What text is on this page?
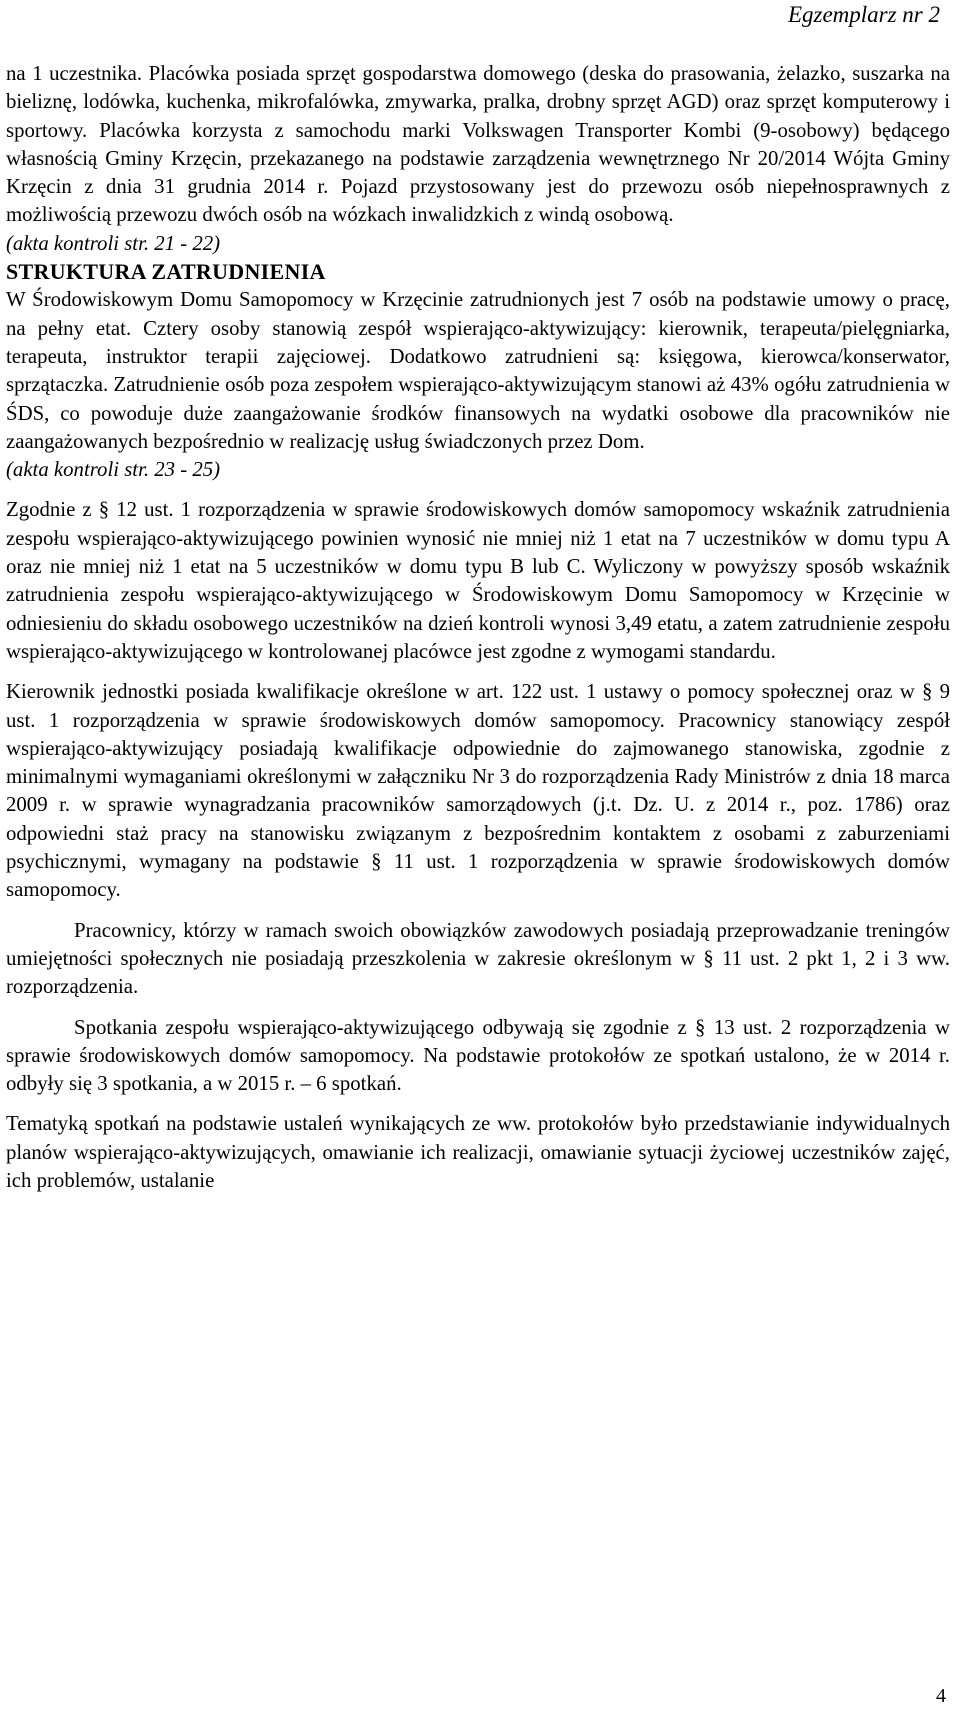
Egzemplarz nr 2

na 1 uczestnika. Placówka posiada sprzęt gospodarstwa domowego (deska do prasowania, żelazko, suszarka na bieliznę, lodówka, kuchenka, mikrofalówka, zmywarka, pralka, drobny sprzęt AGD) oraz sprzęt komputerowy i sportowy. Placówka korzysta z samochodu marki Volkswagen Transporter Kombi (9-osobowy) będącego własnością Gminy Krzęcin, przekazanego na podstawie zarządzenia wewnętrznego Nr 20/2014 Wójta Gminy Krzęcin z dnia 31 grudnia 2014 r. Pojazd przystosowany jest do przewozu osób niepełnosprawnych z możliwością przewozu dwóch osób na wózkach inwalidzkich z windą osobową.

(akta kontroli str. 21 - 22)

STRUKTURA ZATRUDNIENIA

W Środowiskowym Domu Samopomocy w Krzęcinie zatrudnionych jest 7 osób na podstawie umowy o pracę, na pełny etat. Cztery osoby stanowią zespół wspierająco-aktywizujący: kierownik, terapeuta/pielęgniarka, terapeuta, instruktor terapii zajęciowej. Dodatkowo zatrudnieni są: księgowa, kierowca/konserwator, sprzątaczka. Zatrudnienie osób poza zespołem wspierająco-aktywizującym stanowi aż 43% ogółu zatrudnienia w ŚDS, co powoduje duże zaangażowanie środków finansowych na wydatki osobowe dla pracowników nie zaangażowanych bezpośrednio w realizację usług świadczonych przez Dom.

(akta kontroli str. 23 - 25)

Zgodnie z § 12 ust. 1 rozporządzenia w sprawie środowiskowych domów samopomocy wskaźnik zatrudnienia zespołu wspierająco-aktywizującego powinien wynosić nie mniej niż 1 etat na 7 uczestników w domu typu A oraz nie mniej niż 1 etat na 5 uczestników w domu typu B lub C. Wyliczony w powyższy sposób wskaźnik zatrudnienia zespołu wspierająco-aktywizującego w Środowiskowym Domu Samopomocy w Krzęcinie w odniesieniu do składu osobowego uczestników na dzień kontroli wynosi 3,49 etatu, a zatem zatrudnienie zespołu wspierająco-aktywizującego w kontrolowanej placówce jest zgodne z wymogami standardu.

Kierownik jednostki posiada kwalifikacje określone w art. 122 ust. 1 ustawy o pomocy społecznej oraz w § 9 ust. 1 rozporządzenia w sprawie środowiskowych domów samopomocy. Pracownicy stanowiący zespół wspierająco-aktywizujący posiadają kwalifikacje odpowiednie do zajmowanego stanowiska, zgodnie z minimalnymi wymaganiami określonymi w załączniku Nr 3 do rozporządzenia Rady Ministrów z dnia 18 marca 2009 r. w sprawie wynagradzania pracowników samorządowych (j.t. Dz. U. z 2014 r., poz. 1786) oraz odpowiedni staż pracy na stanowisku związanym z bezpośrednim kontaktem z osobami z zaburzeniami psychicznymi, wymagany na podstawie § 11 ust. 1 rozporządzenia w sprawie środowiskowych domów samopomocy.

Pracownicy, którzy w ramach swoich obowiązków zawodowych posiadają przeprowadzanie treningów umiejętności społecznych nie posiadają przeszkolenia w zakresie określonym w § 11 ust. 2 pkt 1, 2 i 3 ww. rozporządzenia.

Spotkania zespołu wspierająco-aktywizującego odbywają się zgodnie z § 13 ust. 2 rozporządzenia w sprawie środowiskowych domów samopomocy. Na podstawie protokołów ze spotkań ustalono, że w 2014 r. odbyły się 3 spotkania, a w 2015 r. – 6 spotkań.

Tematyką spotkań na podstawie ustaleń wynikających ze ww. protokołów było przedstawianie indywidualnych planów wspierająco-aktywizujących, omawianie ich realizacji, omawianie sytuacji życiowej uczestników zajęć, ich problemów, ustalanie

4
